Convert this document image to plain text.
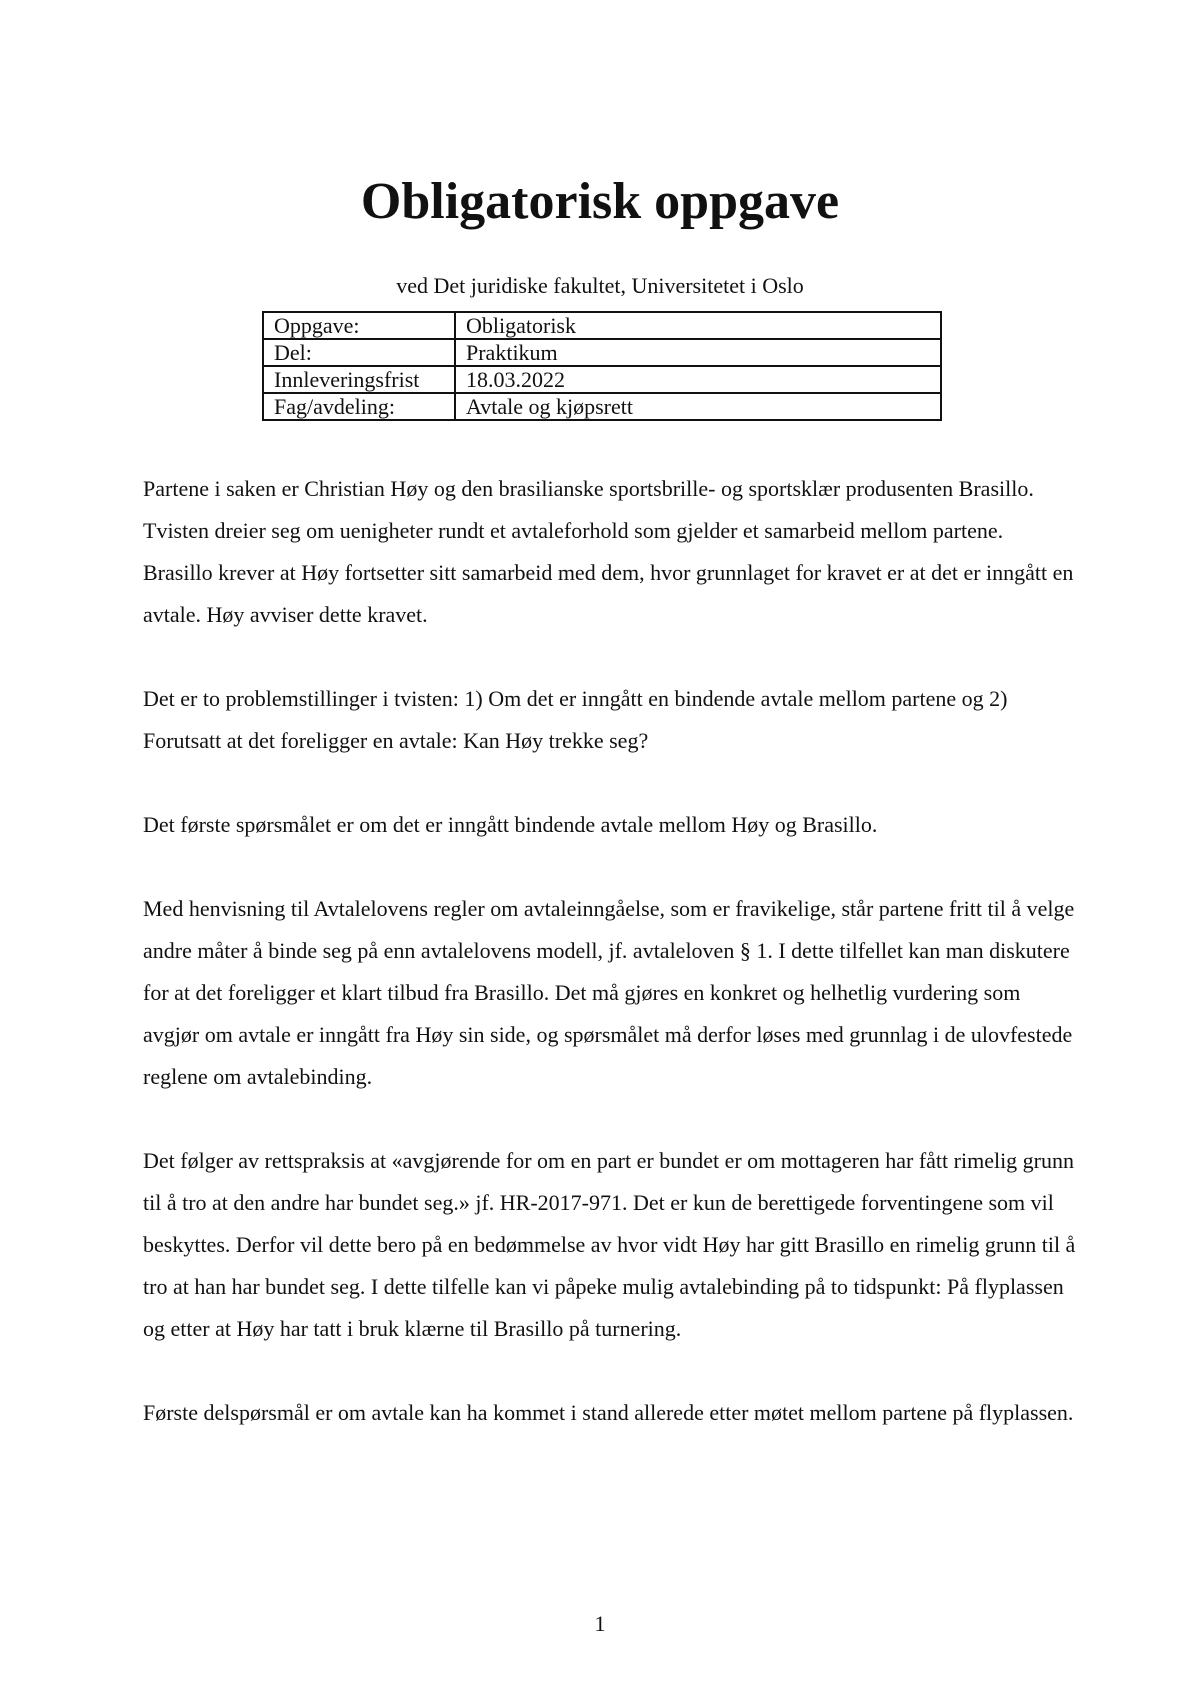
Obligatorisk oppgave
ved Det juridiske fakultet, Universitetet i Oslo
Oppgave:	Obligatorisk
Del:	Praktikum
Innleveringsfrist	18.03.2022
Fag/avdeling:	Avtale og kjøpsrett

Partene i saken er Christian Høy og den brasilianske sportsbrille- og sportsklær produsenten Brasillo. Tvisten dreier seg om uenigheter rundt et avtaleforhold som gjelder et samarbeid mellom partene. Brasillo krever at Høy fortsetter sitt samarbeid med dem, hvor grunnlaget for kravet er at det er inngått en avtale. Høy avviser dette kravet.

Det er to problemstillinger i tvisten: 1) Om det er inngått en bindende avtale mellom partene og 2) Forutsatt at det foreligger en avtale: Kan Høy trekke seg?

Det første spørsmålet er om det er inngått bindende avtale mellom Høy og Brasillo.

Med henvisning til Avtalelovens regler om avtaleinngåelse, som er fravikelige, står partene fritt til å velge andre måter å binde seg på enn avtalelovens modell, jf. avtaleloven § 1. I dette tilfellet kan man diskutere for at det foreligger et klart tilbud fra Brasillo. Det må gjøres en konkret og helhetlig vurdering som avgjør om avtale er inngått fra Høy sin side, og spørsmålet må derfor løses med grunnlag i de ulovfestede reglene om avtalebinding.

Det følger av rettspraksis at «avgjørende for om en part er bundet er om mottageren har fått rimelig grunn til å tro at den andre har bundet seg.» jf. HR-2017-971. Det er kun de berettigede forventingene som vil beskyttes. Derfor vil dette bero på en bedømmelse av hvor vidt Høy har gitt Brasillo en rimelig grunn til å tro at han har bundet seg. I dette tilfelle kan vi påpeke mulig avtalebinding på to tidspunkt: På flyplassen og etter at Høy har tatt i bruk klærne til Brasillo på turnering.

Første delspørsmål er om avtale kan ha kommet i stand allerede etter møtet mellom partene på flyplassen.

1
